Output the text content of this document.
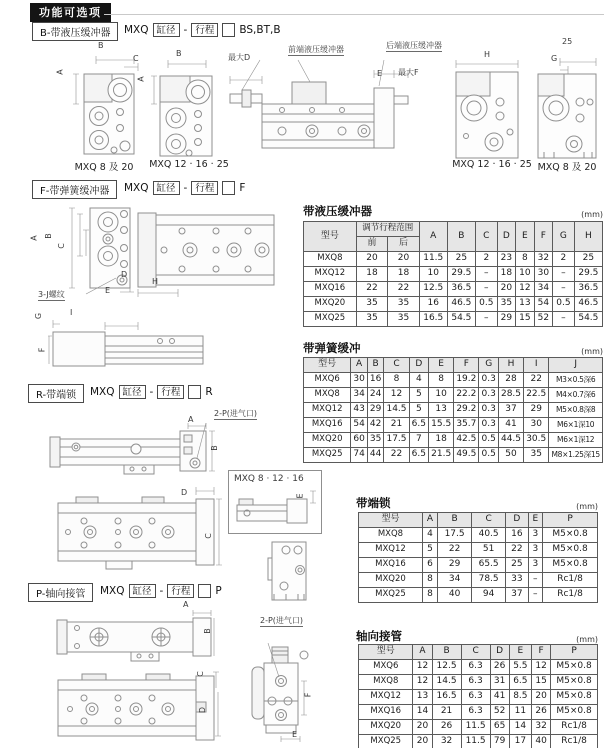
功能可选项
B-带液压缓冲器	MXQ 缸径 - 行程	BS,BT,B
B
C
A
MXQ 8 及 20
B
A
MXQ 12 · 16 · 25
最大D
前端液压缓冲器	后端液压缓冲器
E 最大F
H
MXQ 12 · 16 · 25
25
G
MXQ 8 及 20
F-带弹簧缓冲器	MXQ 缸径 - 行程	F
A B
C
D
E
3-J螺纹
H
G	I
F
R-带端锁	MXQ 缸径 - 行程	R
A
2-P(进气口)
B
D
C
MXQ 8 · 12 · 16
E
P-轴向接管	MXQ 缸径 - 行程	P
A
B
C
D
2-P(进气口)
F
E
带液压缓冲器	(mm)
型号	调节行程范围		A	B	C	D	E	F	G	H
	前	后								
MXQ8	20	20	11.5	25	2	23	8	32	2	25
MXQ12	18	18	10	29.5	–	18	10	30	–	29.5
MXQ16	22	22	12.5	36.5	–	20	12	34	–	36.5
MXQ20	35	35	16	46.5	0.5	35	13	54	0.5	46.5
MXQ25	35	35	16.5	54.5	–	29	15	52	–	54.5
带弹簧缓冲	(mm)
型号	A	B	C	D	E	F	G	H	I	J
MXQ6	30	16	8	4	8	19.2	0.3	28	22	M3×0.5深6
MXQ8	34	24	12	5	10	22.2	0.3	28.5	22.5	M4×0.7深6
MXQ12	43	29	14.5	5	13	29.2	0.3	37	29	M5×0.8深8
MXQ16	54	42	21	6.5	15.5	35.7	0.3	41	30	M6×1深10
MXQ20	60	35	17.5	7	18	42.5	0.5	44.5	30.5	M6×1深12
MXQ25	74	44	22	6.5	21.5	49.5	0.5	50	35	M8×1.25深15
带端锁	(mm)
型号	A	B	C	D	E	P
MXQ8	4	17.5	40.5	16	3	M5×0.8
MXQ12	5	22	51	22	3	M5×0.8
MXQ16	6	29	65.5	25	3	M5×0.8
MXQ20	8	34	78.5	33	–	Rc1/8
MXQ25	8	40	94	37	–	Rc1/8
轴向接管	(mm)
型号	A	B	C	D	E	F	P
MXQ6	12	12.5	6.3	26	5.5	12	M5×0.8
MXQ8	12	14.5	6.3	31	6.5	15	M5×0.8
MXQ12	13	16.5	6.3	41	8.5	20	M5×0.8
MXQ16	14	21	6.3	52	11	26	M5×0.8
MXQ20	20	26	11.5	65	14	32	Rc1/8
MXQ25	20	32	11.5	79	17	40	Rc1/8
